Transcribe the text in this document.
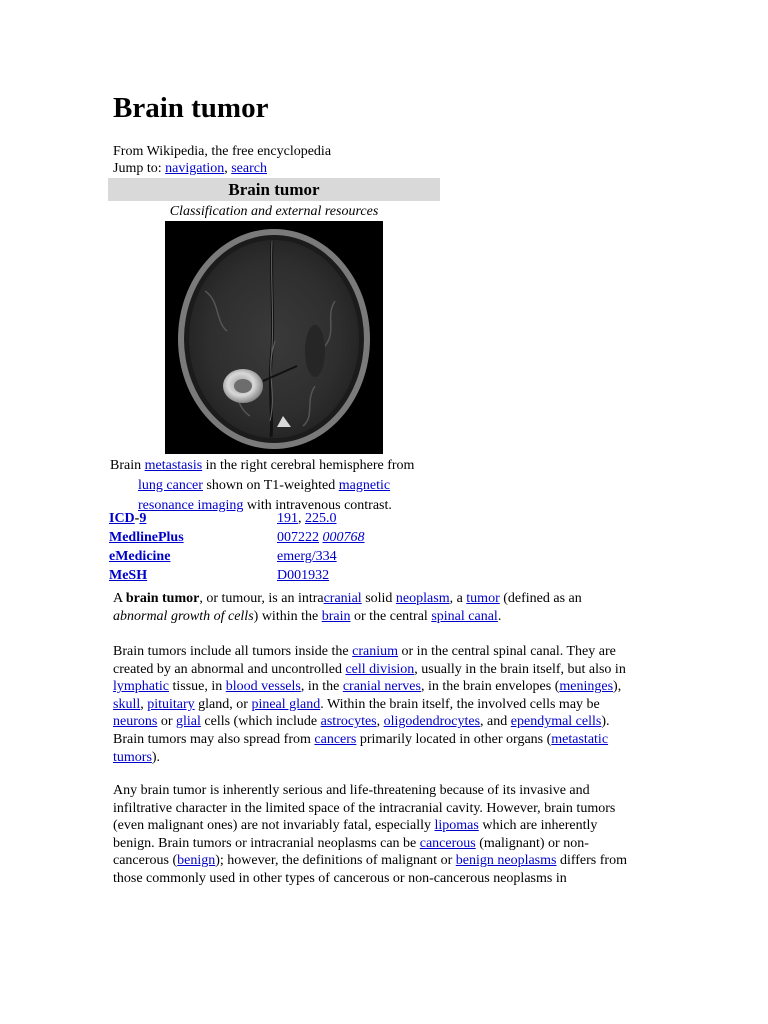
Brain tumor
From Wikipedia, the free encyclopedia
Jump to: navigation, search
Brain tumor
Classification and external resources
Brain metastasis in the right cerebral hemisphere from
lung cancer shown on T1-weighted magnetic
resonance imaging with intravenous contrast.
ICD-9	191, 225.0
MedlinePlus	007222 000768
eMedicine	emerg/334
MeSH	D001932

A brain tumor, or tumour, is an intracranial solid neoplasm, a tumor (defined as an abnormal growth of cells) within the brain or the central spinal canal.

Brain tumors include all tumors inside the cranium or in the central spinal canal. They are created by an abnormal and uncontrolled cell division, usually in the brain itself, but also in lymphatic tissue, in blood vessels, in the cranial nerves, in the brain envelopes (meninges), skull, pituitary gland, or pineal gland. Within the brain itself, the involved cells may be neurons or glial cells (which include astrocytes, oligodendrocytes, and ependymal cells). Brain tumors may also spread from cancers primarily located in other organs (metastatic tumors).

Any brain tumor is inherently serious and life-threatening because of its invasive and infiltrative character in the limited space of the intracranial cavity. However, brain tumors (even malignant ones) are not invariably fatal, especially lipomas which are inherently benign. Brain tumors or intracranial neoplasms can be cancerous (malignant) or non-cancerous (benign); however, the definitions of malignant or benign neoplasms differs from those commonly used in other types of cancerous or non-cancerous neoplasms in
